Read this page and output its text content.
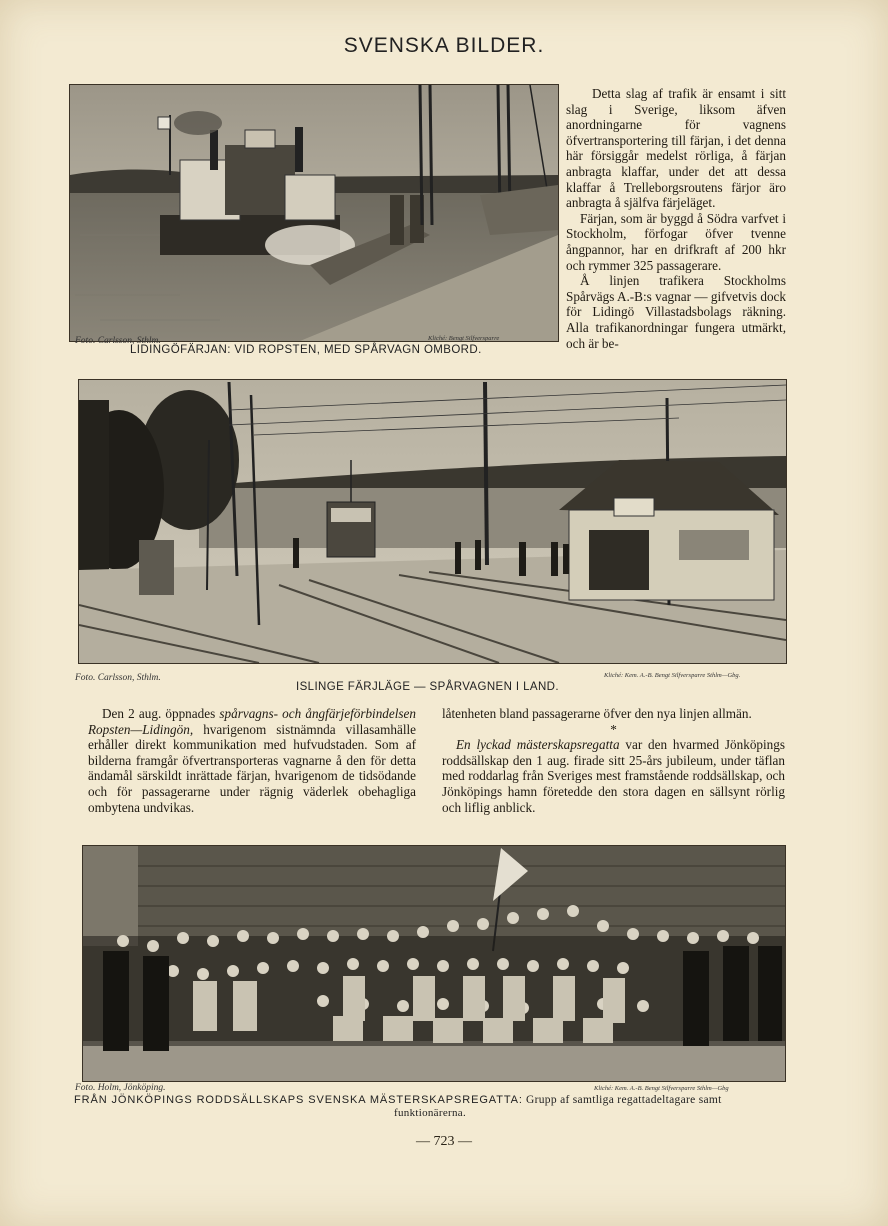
SVENSKA BILDER.
Foto. Carlsson, Sthlm.	Kliché: Bengt Silfversparre
LIDINGÖFÄRJAN: VID ROPSTEN, MED SPÅRVAGN OMBORD.

Detta slag af trafik är ensamt i sitt slag i Sverige, liksom äfven anordningarne för vagnens öfvertransportering till färjan, i det denna här försiggår medelst rörliga, å färjan anbragta klaffar, under det att dessa klaffar å Trelleborgsroutens färjor äro anbragta å själfva färjeläget.

Färjan, som är byggd å Södra varfvet i Stockholm, förfogar öfver tvenne ångpannor, har en drifkraft af 200 hkr och rymmer 325 passagerare.

Å linjen trafikera Stockholms Spårvägs A.-B:s vagnar — gifvetvis dock för Lidingö Villastadsbolags räkning. Alla trafikanordningar fungera utmärkt, och är be-

Foto. Carlsson, Sthlm.	Kliché: Kem. A.-B. Bengt Silfversparre Sthlm—Gbg.
ISLINGE FÄRJLÄGE — SPÅRVAGNEN I LAND.

Den 2 aug. öppnades spårvagns- och ångfärjeförbindelsen Ropsten—Lidingön, hvarigenom sistnämnda villasamhälle erhåller direkt kommunikation med hufvudstaden. Som af bilderna framgår öfvertransporteras vagnarne å den för detta ändamål särskildt inrättade färjan, hvarigenom de tidsödande och för passagerarne under rägnig väderlek obehagliga ombytena undvikas.

låtenheten bland passagerarne öfver den nya linjen allmän.

*

En lyckad mästerskapsregatta var den hvarmed Jönköpings roddsällskap den 1 aug. firade sitt 25-års jubileum, under täflan med roddarlag från Sveriges mest framstående roddsällskap, och Jönköpings hamn företedde den stora dagen en sällsynt rörlig och liflig anblick.

Foto. Holm, Jönköping.	Kliché: Kem. A.-B. Bengt Silfversparre Sthlm—Gbg
FRÅN JÖNKÖPINGS RODDSÄLLSKAPS SVENSKA MÄSTERSKAPSREGATTA: Grupp af samtliga regattadeltagare samt
funktionärerna.
— 723 —
